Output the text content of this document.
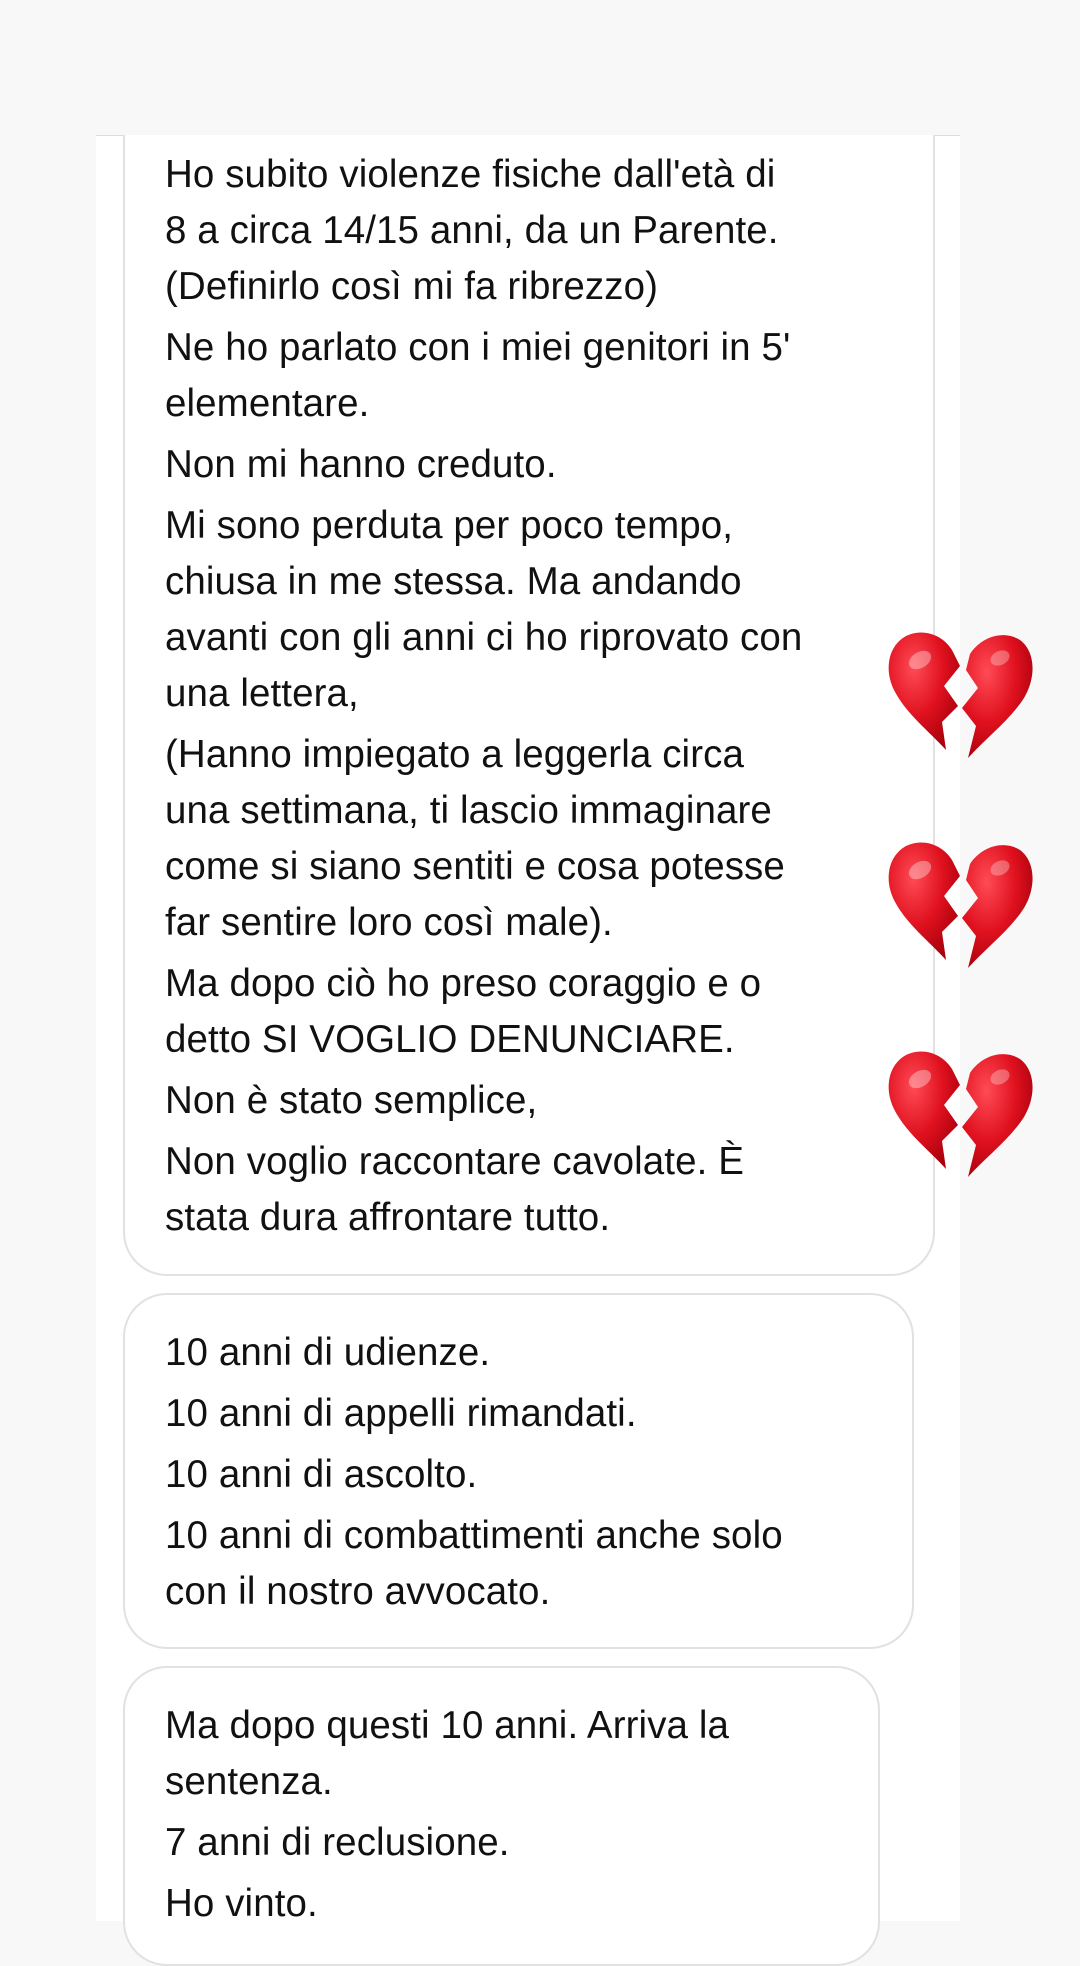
Ho subito violenze fisiche dall'età di
8 a circa 14/15 anni, da un Parente.
(Definirlo così mi fa ribrezzo)
Ne ho parlato con i miei genitori in 5'
elementare.
Non mi hanno creduto.
Mi sono perduta per poco tempo,
chiusa in me stessa. Ma andando
avanti con gli anni ci ho riprovato con
una lettera,
(Hanno impiegato a leggerla circa
una settimana, ti lascio immaginare
come si siano sentiti e cosa potesse
far sentire loro così male).
Ma dopo ciò ho preso coraggio e o
detto SI VOGLIO DENUNCIARE.
Non è stato semplice,
Non voglio raccontare cavolate. È
stata dura affrontare tutto.
10 anni di udienze.
10 anni di appelli rimandati.
10 anni di ascolto.
10 anni di combattimenti anche solo
con il nostro avvocato.
Ma dopo questi 10 anni. Arriva la
sentenza.
7 anni di reclusione.
Ho vinto.
